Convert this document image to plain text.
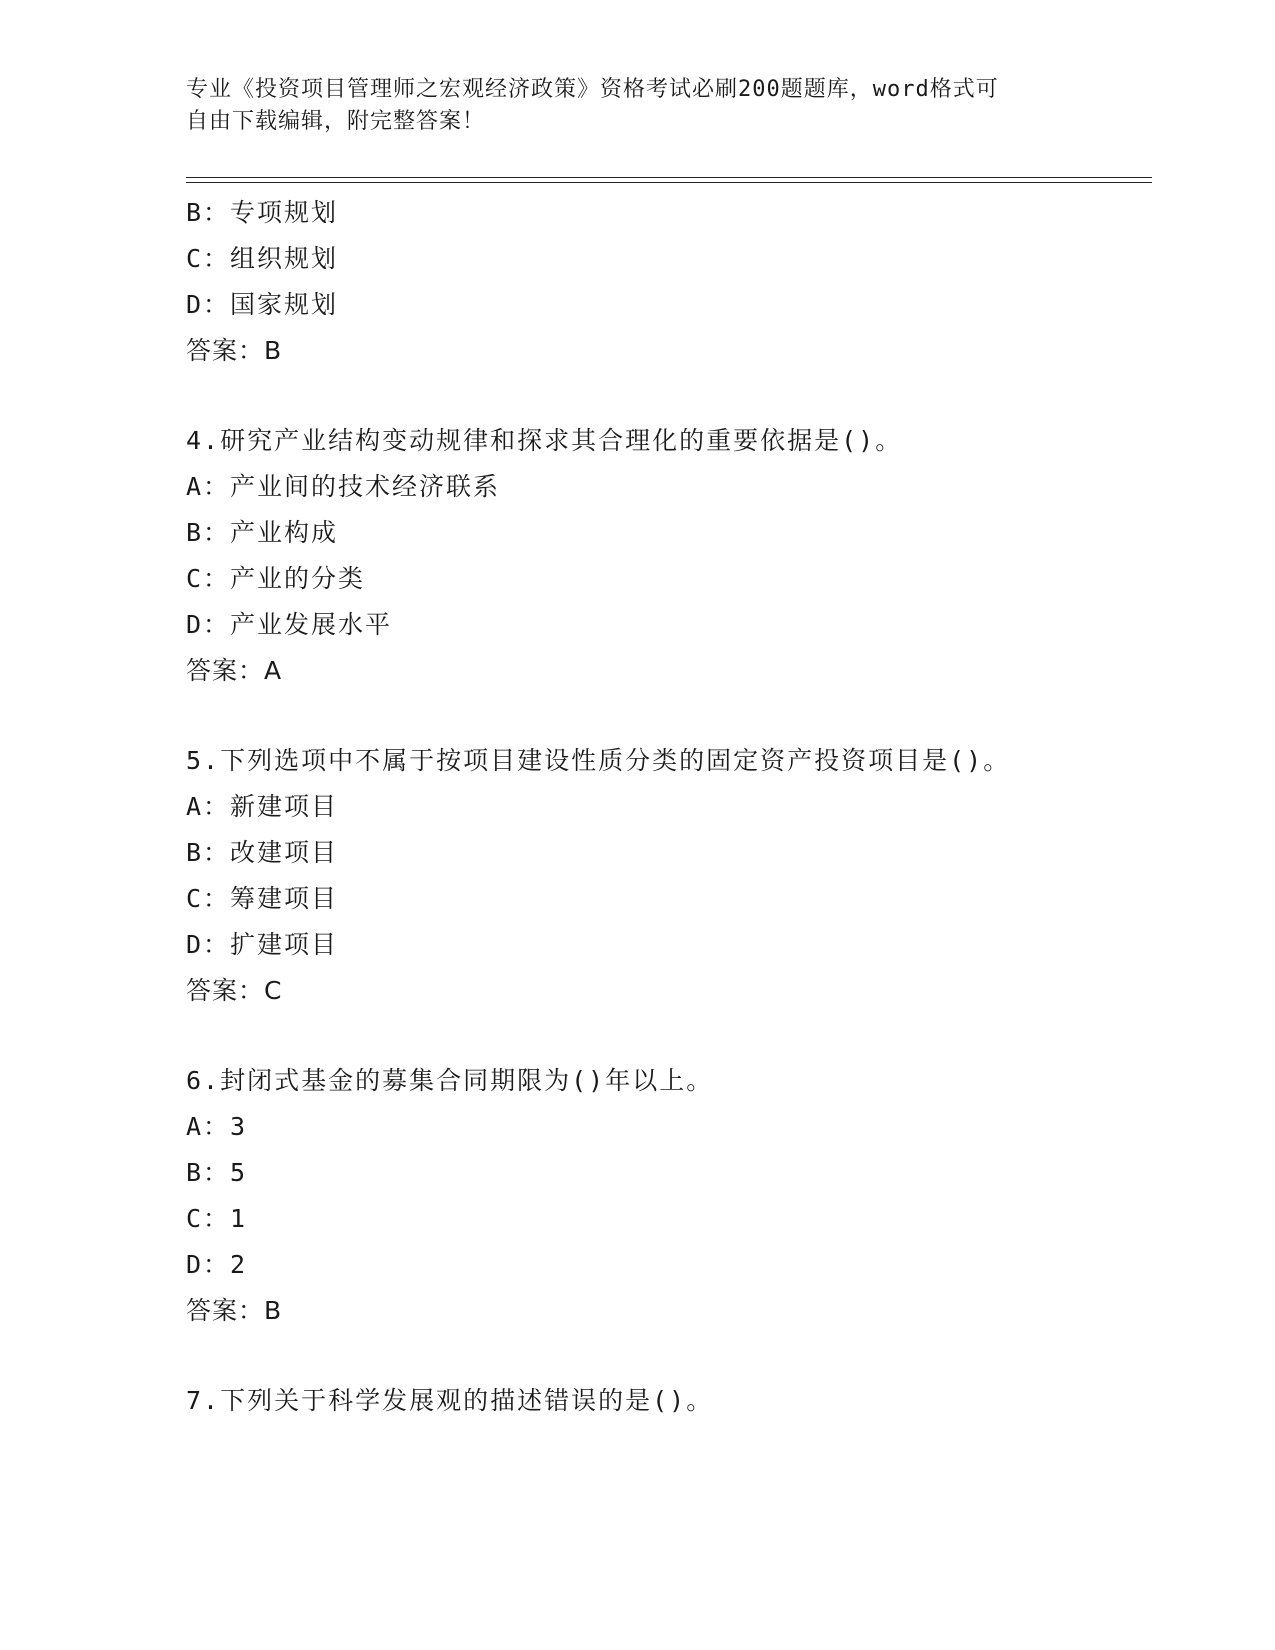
专业《投资项目管理师之宏观经济政策》资格考试必刷200题题库，word格式可
自由下载编辑，附完整答案！
B：专项规划
C：组织规划
D：国家规划
答案：B
4.研究产业结构变动规律和探求其合理化的重要依据是()。
A：产业间的技术经济联系
B：产业构成
C：产业的分类
D：产业发展水平
答案：A
5.下列选项中不属于按项目建设性质分类的固定资产投资项目是()。
A：新建项目
B：改建项目
C：筹建项目
D：扩建项目
答案：C
6.封闭式基金的募集合同期限为()年以上。
A：3
B：5
C：1
D：2
答案：B
7.下列关于科学发展观的描述错误的是()。
